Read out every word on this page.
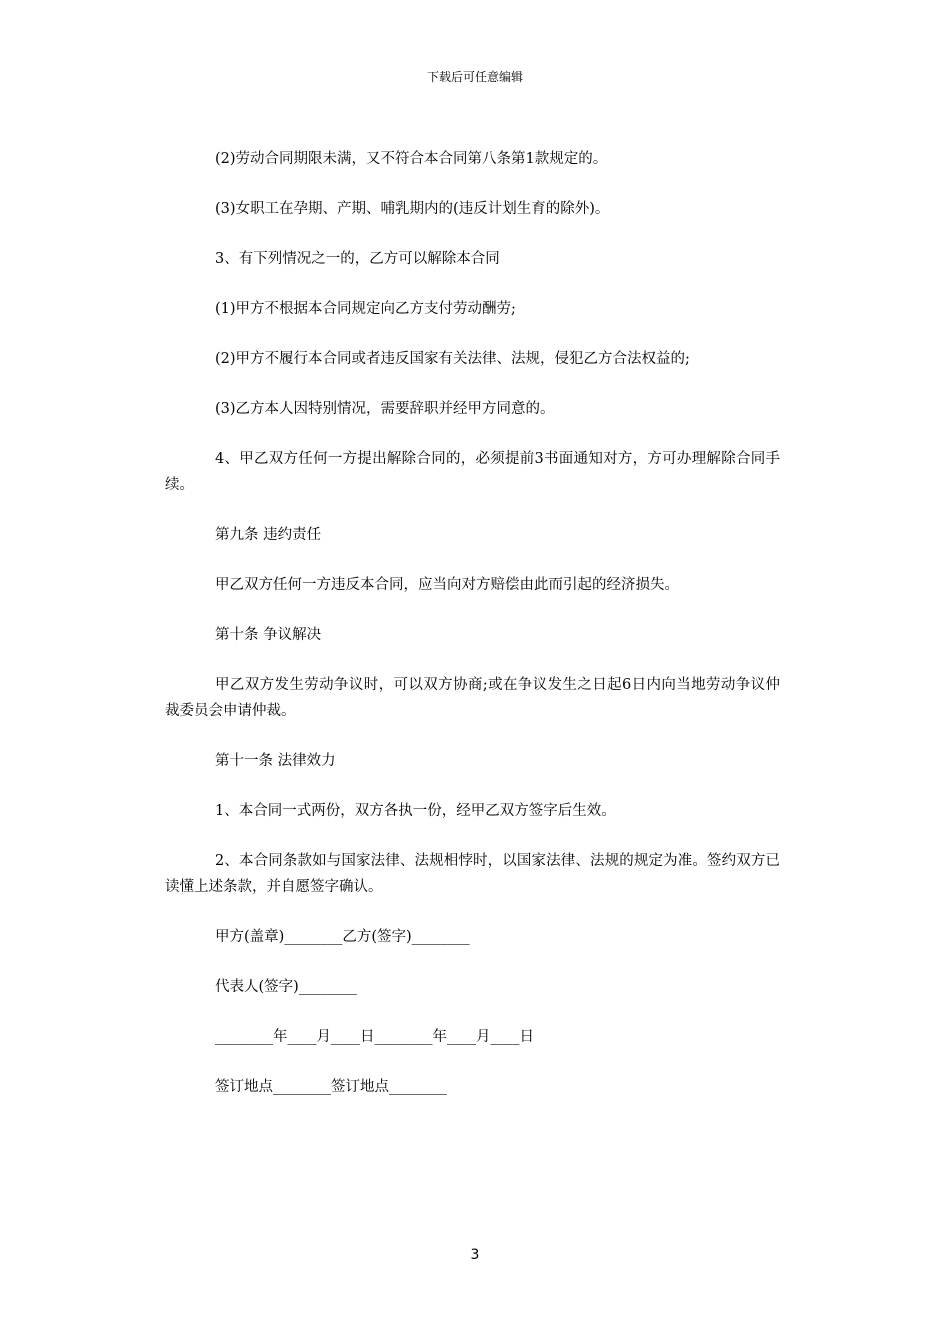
下载后可任意编辑

(2)劳动合同期限未满，又不符合本合同第八条第1款规定的。

(3)女职工在孕期、产期、哺乳期内的(违反计划生育的除外)。

3、有下列情况之一的，乙方可以解除本合同

(1)甲方不根据本合同规定向乙方支付劳动酬劳;

(2)甲方不履行本合同或者违反国家有关法律、法规，侵犯乙方合法权益的;

(3)乙方本人因特别情况，需要辞职并经甲方同意的。

4、甲乙双方任何一方提出解除合同的，必须提前3书面通知对方，方可办理解除合同手续。

第九条 违约责任

甲乙双方任何一方违反本合同，应当向对方赔偿由此而引起的经济损失。

第十条 争议解决

甲乙双方发生劳动争议时，可以双方协商;或在争议发生之日起6日内向当地劳动争议仲裁委员会申请仲裁。

第十一条 法律效力

1、本合同一式两份，双方各执一份，经甲乙双方签字后生效。

2、本合同条款如与国家法律、法规相悖时，以国家法律、法规的规定为准。签约双方已读懂上述条款，并自愿签字确认。

甲方(盖章)________乙方(签字)________

代表人(签字)________

________年____月____日________年____月____日

签订地点________签订地点________

3
